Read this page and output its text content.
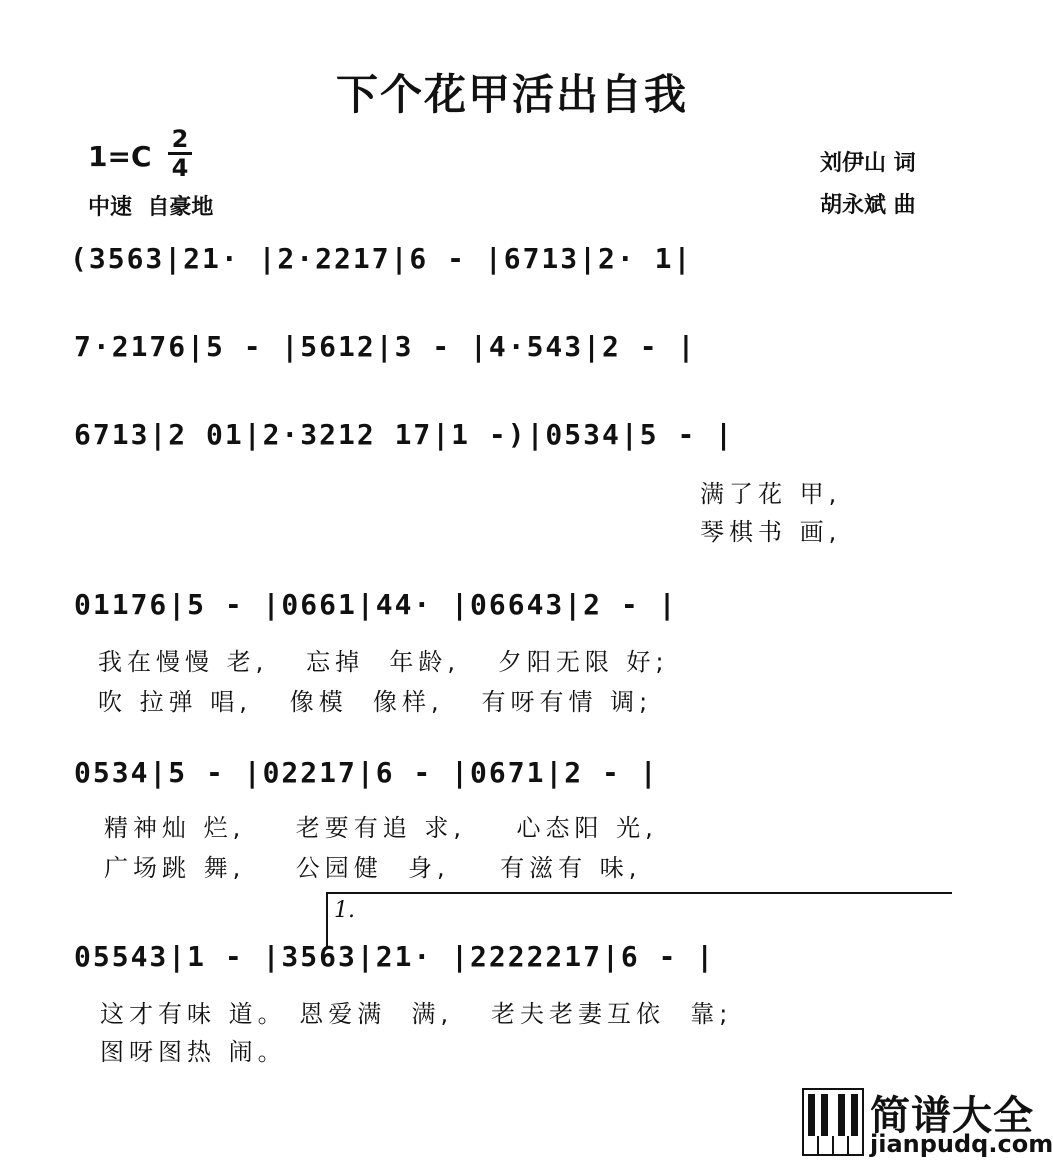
下个花甲活出自我
1=C
2
4
中速  自豪地
刘伊山 词
胡永斌 曲
(3563|21· |2·2217|6 - |6713|2· 1|
7·2176|5 - |5612|3 - |4·543|2 - |
6713|2 01|2·3212 17|1 -)|0534|5 - |
满了花 甲,
琴棋书 画,
01176|5 - |0661|44· |06643|2 - |
我在慢慢 老,   忘掉  年龄,   夕阳无限 好;
吹 拉弹 唱,   像模  像样,   有呀有情 调;
0534|5 - |02217|6 - |0671|2 - |
精神灿 烂,    老要有追 求,    心态阳 光,
广场跳 舞,    公园健  身,    有滋有 味,
1.
05543|1 - |3563|21· |2222217|6 - |
这才有味 道。 恩爱满  满,   老夫老妻互依  靠;
图呀图热 闹。
简谱大全
jianpudq.com
